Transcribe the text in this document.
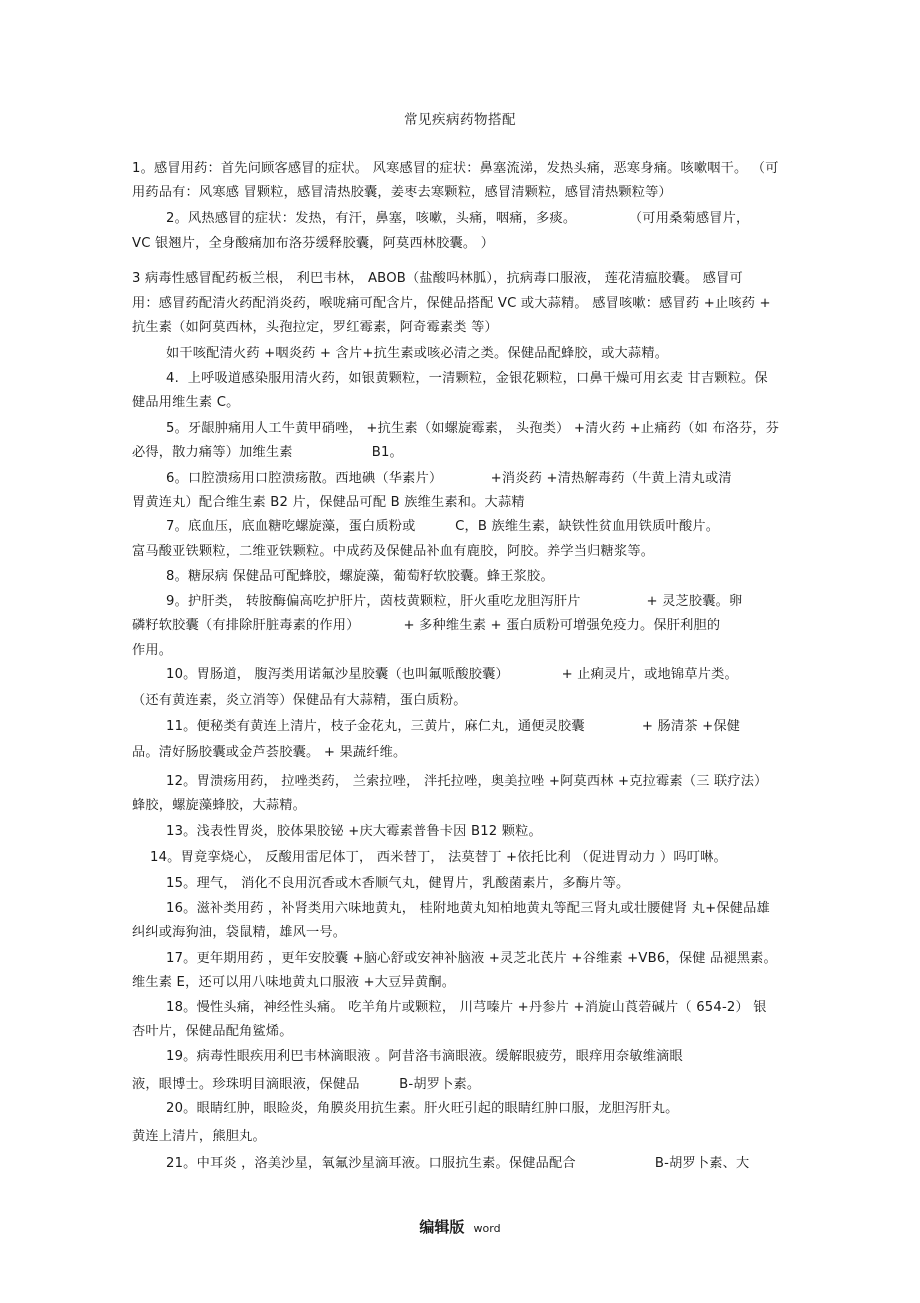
常见疾病药物搭配
1。感冒用药：首先问顾客感冒的症状。 风寒感冒的症状：鼻塞流涕，发热头痛，恶寒身痛。咳嗽咽干。 （可
用药品有：风寒感 冒颗粒，感冒清热胶囊，姜枣去寒颗粒，感冒清颗粒，感冒清热颗粒等）
2。风热感冒的症状：发热，有汗，鼻塞，咳嗽，头痛，咽痛，多痰。            （可用桑菊感冒片，
VC 银翘片，全身酸痛加布洛芬缓释胶囊，阿莫西林胶囊。 ）
3 病毒性感冒配药板兰根， 利巴韦林， ABOB（盐酸吗林胍），抗病毒口服液， 莲花清瘟胶囊。 感冒可
用：感冒药配清火药配消炎药，喉咙痛可配含片，保健品搭配 VC 或大蒜精。 感冒咳嗽：感冒药 +止咳药 +
抗生素（如阿莫西林，头孢拉定，罗红霉素，阿奇霉素类 等）
如干咳配清火药 +咽炎药 + 含片+抗生素或咳必清之类。保健品配蜂胶，或大蒜精。
4.  上呼吸道感染服用清火药，如银黄颗粒，一清颗粒，金银花颗粒，口鼻干燥可用玄麦 甘吉颗粒。保
健品用维生素 C。
5。牙龈肿痛用人工牛黄甲硝唑， +抗生素（如螺旋霉素， 头孢类） +清火药 +止痛药（如 布洛芬，芬
必得，散力痛等）加维生素                  B1。
6。口腔溃疡用口腔溃疡散。西地碘（华素片）           +消炎药 +清热解毒药（牛黄上清丸或清
胃黄连丸）配合维生素 B2 片，保健品可配 B 族维生素和。大蒜精
7。底血压，底血糖吃螺旋藻，蛋白质粉或         C，B 族维生素，缺铁性贫血用铁质叶酸片。
富马酸亚铁颗粒，二维亚铁颗粒。中成药及保健品补血有鹿胶，阿胶。养学当归糖浆等。
8。糖尿病 保健品可配蜂胶，螺旋藻，葡萄籽软胶囊。蜂王浆胶。
9。护肝类， 转胺酶偏高吃护肝片，茵枝黄颗粒，肝火重吃龙胆泻肝片               + 灵芝胶囊。卵
磷籽软胶囊（有排除肝脏毒素的作用）          + 多种维生素 + 蛋白质粉可增强免疫力。保肝利胆的
作用。
10。胃肠道， 腹泻类用诺氟沙星胶囊（也叫氟哌酸胶囊）            + 止痢灵片，或地锦草片类。
（还有黄连素，炎立消等）保健品有大蒜精，蛋白质粉。
11。便秘类有黄连上清片，枝子金花丸，三黄片，麻仁丸，通便灵胶囊             + 肠清茶 +保健
品。清好肠胶囊或金芦荟胶囊。 + 果蔬纤维。
12。胃溃疡用药， 拉唑类药， 兰索拉唑， 泮托拉唑，奥美拉唑 +阿莫西林 +克拉霉素（三 联疗法）
蜂胶，螺旋藻蜂胶，大蒜精。
13。浅表性胃炎，胶体果胶铋 +庆大霉素普鲁卡因 B12 颗粒。
14。胃竟挛烧心， 反酸用雷尼体丁， 西米替丁， 法莫替丁 +依托比利 （促进胃动力 ）吗叮啉。
15。理气， 消化不良用沉香或木香顺气丸，健胃片，乳酸菌素片，多酶片等。
16。滋补类用药 ，补肾类用六味地黄丸， 桂附地黄丸知柏地黄丸等配三肾丸或壮腰健肾 丸+保健品雄
纠纠或海狗油，袋鼠精，雄风一号。
17。更年期用药 ，更年安胶囊 +脑心舒或安神补脑液 +灵芝北芪片 +谷维素 +VB6，保健 品褪黑素。
维生素 E，还可以用八味地黄丸口服液 +大豆异黄酮。
18。慢性头痛，神经性头痛。 吃羊角片或颗粒， 川芎嗪片 +丹参片 +消旋山莨菪碱片（ 654-2） 银
杏叶片，保健品配角鲨烯。
19。病毒性眼疾用利巴韦林滴眼液 。阿昔洛韦滴眼液。缓解眼疲劳，眼痒用奈敏维滴眼
液，眼博士。珍珠明目滴眼液，保健品         B-胡罗卜素。
20。眼睛红肿，眼睑炎，角膜炎用抗生素。肝火旺引起的眼睛红肿口服，龙胆泻肝丸。
黄连上清片，熊胆丸。
21。中耳炎 ，洛美沙星，氧氟沙星滴耳液。口服抗生素。保健品配合                  B-胡罗卜素、大
编辑版 word
